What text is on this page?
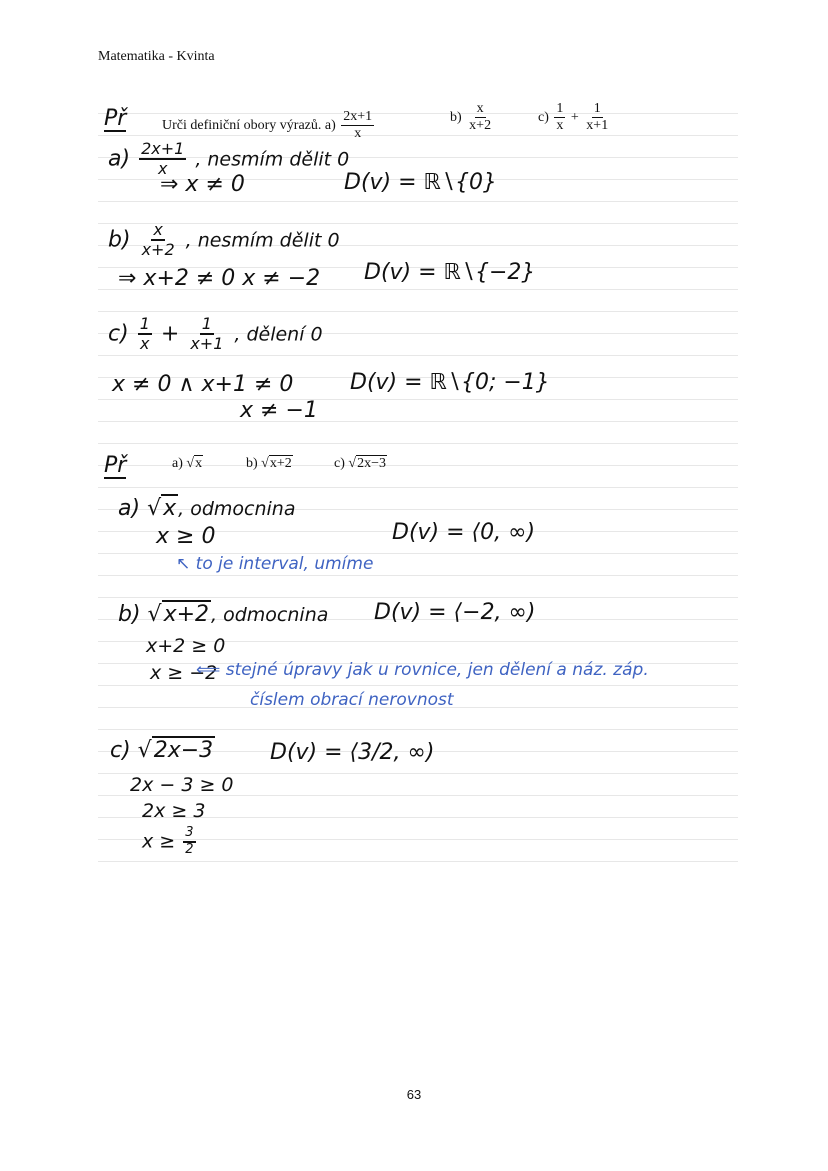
Matematika - Kvinta
Př	Urči definiční obory výrazů. $a) \frac{2x+1}{x}$	$b) \frac{x}{x+2}$	$c) \frac{1}{x} + \frac{1}{x+1}$
$a) \frac{2x+1}{x}$ , nesmím dělit 0
⇒ x ≠ 0	D(v) = ℝ∖{0}
$b) \frac{x}{x+2}$ , nesmím dělit 0
⇒ x+2 ≠ 0 x ≠ −2 D(v) = ℝ∖{−2}
$c) \frac{1}{x} + \frac{1}{x+1}$ , dělení 0
x ≠ 0 ∧ x+1 ≠ 0
x ≠ −1
D(v) = ℝ∖{0; −1}
Př	a) √x	b) √x+2	c) √2x−3
a) √x , odmocnina
x ≥ 0	D(v) = ⟨0, ∞)
↖ to je interval, umíme
b) √x+2 , odmocnina D(v) = ⟨−2, ∞)
x+2 ≥ 0
x ≥ −2
⟸ stejné úpravy jak u rovnice, jen dělení a náz. záp.
číslem obrací nerovnost
c) √2x−3	D(v) = ⟨3/2, ∞)
2x − 3 ≥ 0
2x ≥ 3
$x \ge \frac{3}{2}$
63
